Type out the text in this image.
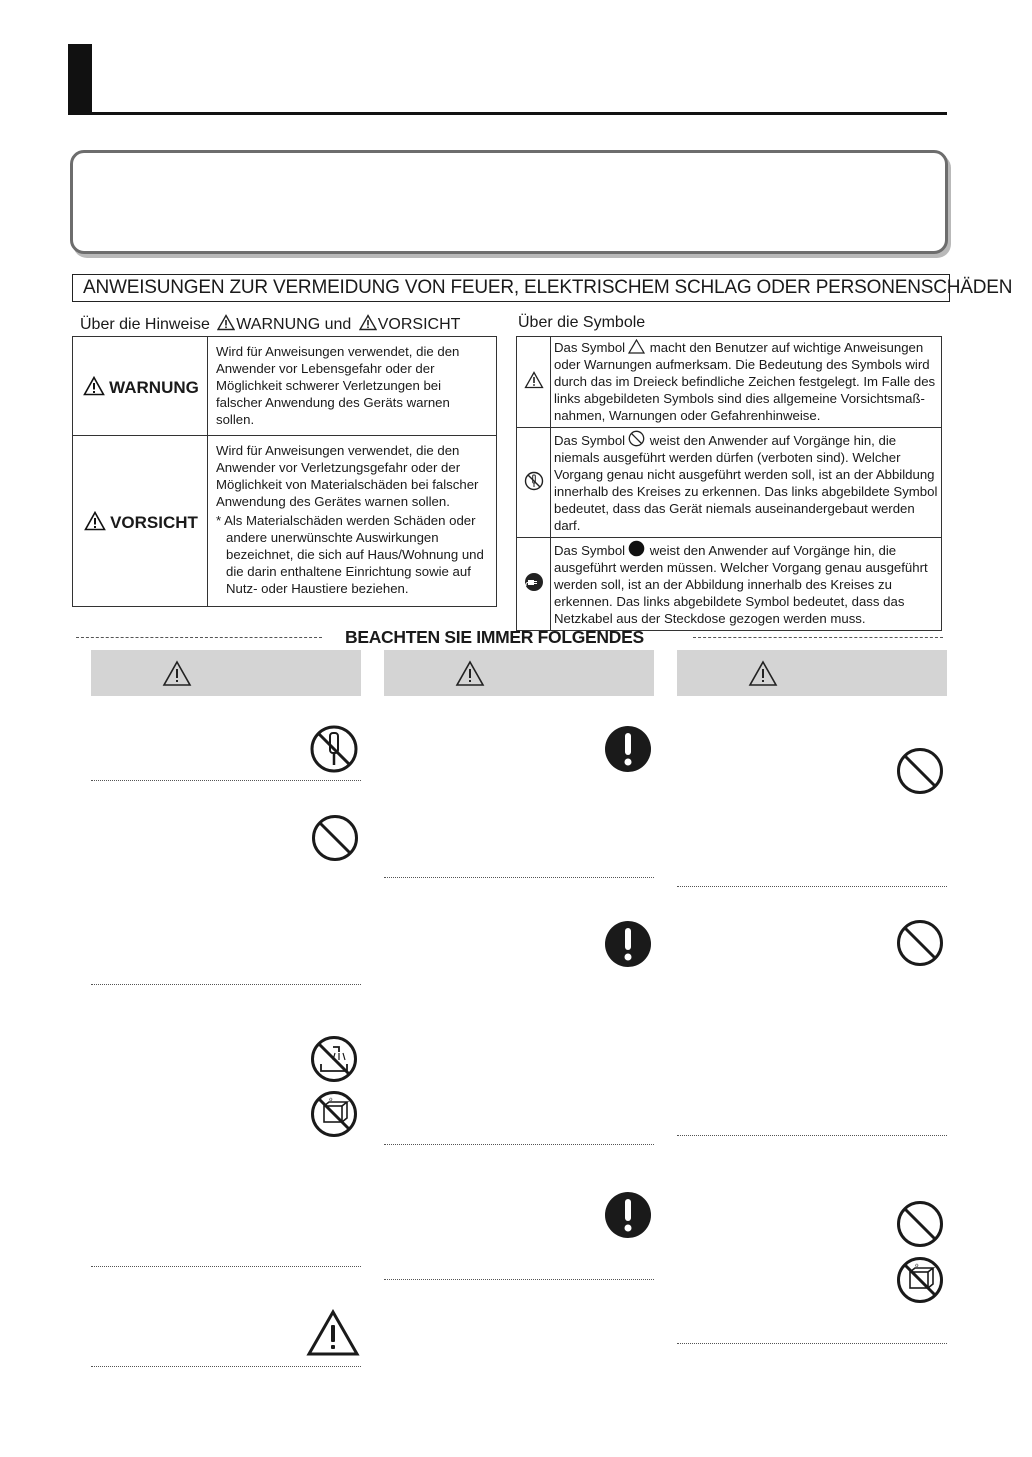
ANWEISUNGEN ZUR VERMEIDUNG VON FEUER, ELEKTRISCHEM SCHLAG ODER PERSONENSCHÄDEN
Über die Hinweise WARNUNG und VORSICHT
WARNUNG	Wird für Anweisungen verwendet, die den Anwender vor Lebensgefahr oder der Möglichkeit schwerer Verletzungen bei falscher Anwendung des Geräts warnen sollen.
VORSICHT	Wird für Anweisungen verwendet, die den Anwender vor Verletzungsgefahr oder der Möglichkeit von Materialschäden bei falscher Anwendung des Gerätes warnen sollen.
* Als Materialschäden werden Schäden oder andere unerwünschte Auswirkungen bezeichnet, die sich auf Haus/Wohnung und die darin enthaltene Einrichtung sowie auf Nutz- oder Haustiere beziehen.
Über die Symbole
	Das Symbol macht den Benutzer auf wichtige Anweisungen oder Warnungen aufmerksam. Die Bedeutung des Symbols wird durch das im Dreieck befindliche Zeichen festgelegt. Im Falle des links abgebildeten Symbols sind dies allgemeine Vorsichtsmaß-nahmen, Warnungen oder Gefahrenhinweise.
	Das Symbol weist den Anwender auf Vorgänge hin, die niemals ausgeführt werden dürfen (verboten sind). Welcher Vorgang genau nicht ausgeführt werden soll, ist an der Abbildung innerhalb des Kreises zu erkennen. Das links abgebildete Symbol bedeutet, dass das Gerät niemals auseinandergebaut werden darf.
	Das Symbol weist den Anwender auf Vorgänge hin, die ausgeführt werden müssen. Welcher Vorgang genau ausgeführt werden soll, ist an der Abbildung innerhalb des Kreises zu erkennen. Das links abgebildete Symbol bedeutet, dass das Netzkabel aus der Steckdose gezogen werden muss.
BEACHTEN SIE IMMER FOLGENDES
ℴ
ℴ
